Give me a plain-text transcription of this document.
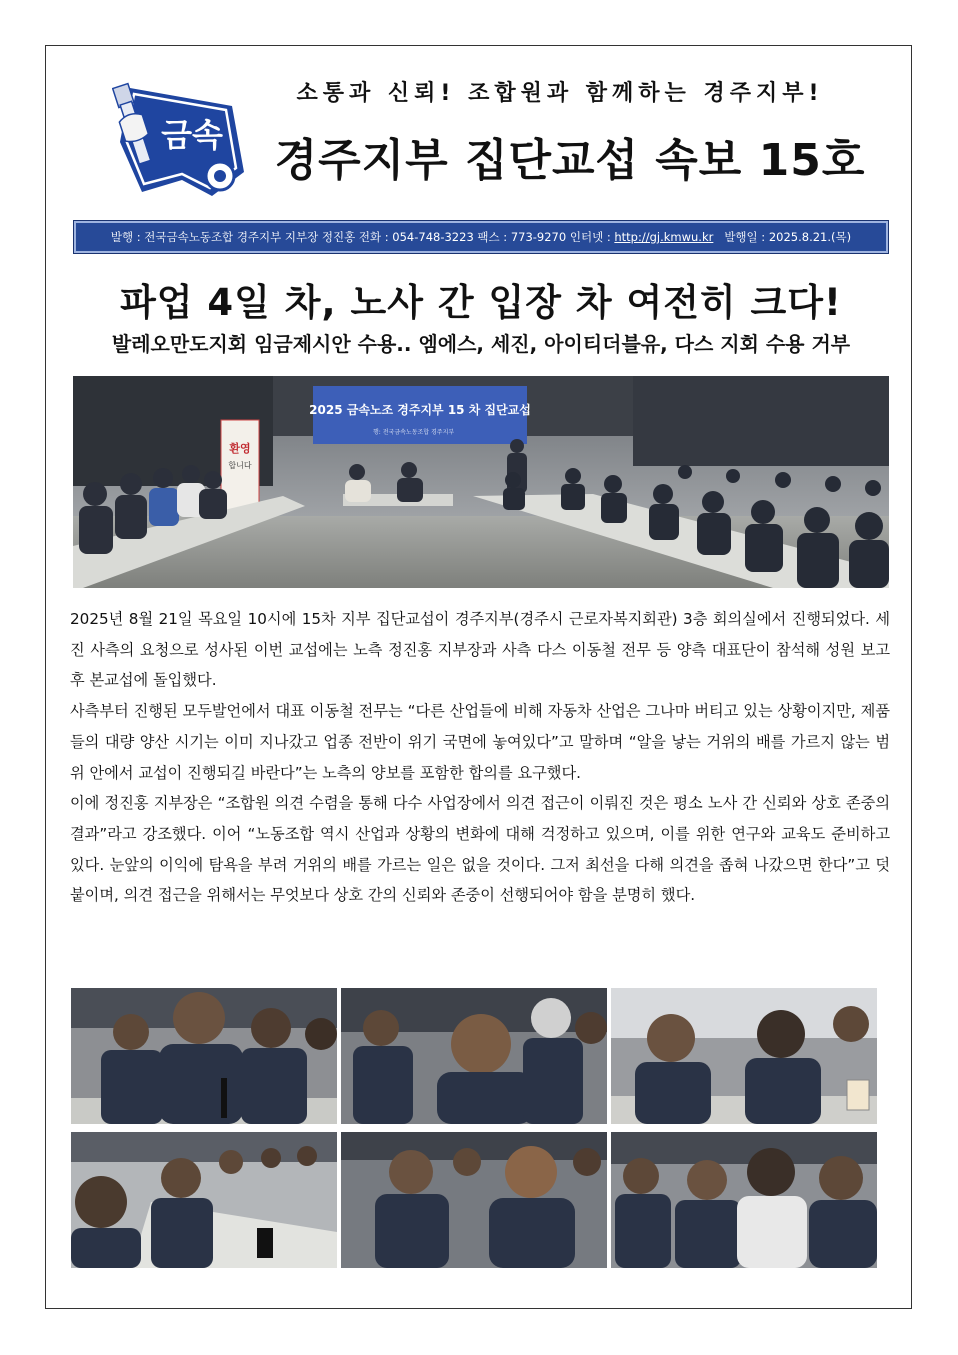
금속
소통과 신뢰! 조합원과 함께하는 경주지부!
경주지부 집단교섭 속보 15호
발행 : 전국금속노동조합 경주지부 지부장 정진홍
전화 : 054-748-3223
팩스 : 773-9270
인터넷 :
http://gj.kmwu.kr
발행일 : 2025.8.21.(목)
파업 4일 차, 노사 간 입장 차 여전히 크다!
발레오만도지회 임금제시안 수용.. 엠에스, 세진, 아이티더블유, 다스 지회 수용 거부
2025 금속노조 경주지부 15 차 집단교섭
행: 전국금속노동조합 경주지부
환영
합니다

2025년 8월 21일 목요일 10시에 15차 지부 집단교섭이 경주지부(경주시 근로자복지회관) 3층 회의실에서 진행되었다. 세진 사측의 요청으로 성사된 이번 교섭에는 노측 정진홍 지부장과 사측 다스 이동철 전무 등 양측 대표단이 참석해 성원 보고 후 본교섭에 돌입했다.

사측부터 진행된 모두발언에서 대표 이동철 전무는 “다른 산업들에 비해 자동차 산업은 그나마 버티고 있는 상황이지만, 제품들의 대량 양산 시기는 이미 지나갔고 업종 전반이 위기 국면에 놓여있다”고 말하며 “알을 낳는 거위의 배를 가르지 않는 범위 안에서 교섭이 진행되길 바란다”는 노측의 양보를 포함한 합의를 요구했다.

이에 정진홍 지부장은 “조합원 의견 수렴을 통해 다수 사업장에서 의견 접근이 이뤄진 것은 평소 노사 간 신뢰와 상호 존중의 결과”라고 강조했다. 이어 “노동조합 역시 산업과 상황의 변화에 대해 걱정하고 있으며, 이를 위한 연구와 교육도 준비하고 있다. 눈앞의 이익에 탐욕을 부려 거위의 배를 가르는 일은 없을 것이다. 그저 최선을 다해 의견을 좁혀 나갔으면 한다”고 덧붙이며, 의견 접근을 위해서는 무엇보다 상호 간의 신뢰와 존중이 선행되어야 함을 분명히 했다.
